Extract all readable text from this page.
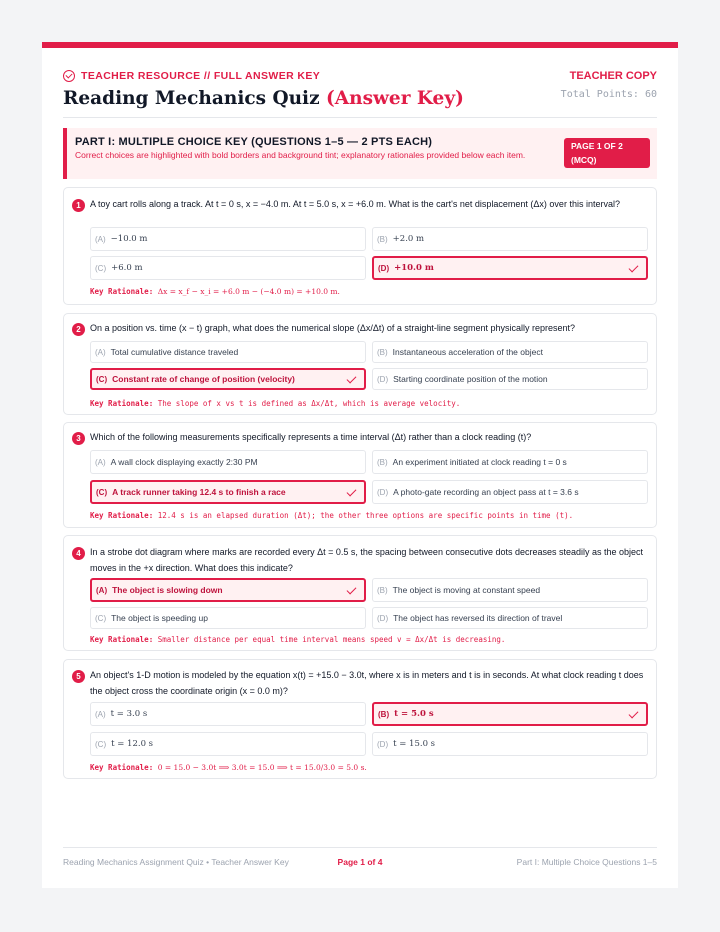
TEACHER RESOURCE // FULL ANSWER KEY
Reading Mechanics Quiz (Answer Key)
TEACHER COPY
Total Points: 60
PART I: MULTIPLE CHOICE KEY (QUESTIONS 1–5 — 2 PTS EACH)
Correct choices are highlighted with bold borders and background tint; explanatory rationales provided below each item.
PAGE 1 OF 2
(MCQ)
1	A toy cart rolls along a track. At t = 0 s, x = −4.0 m. At t = 5.0 s, x = +6.0 m. What is the cart's net displacement (Δx) over this interval?
(A) −10.0 m	(B) +2.0 m
(C) +6.0 m	(D) +10.0 m
Key Rationale: Δx = x_f − x_i = +6.0 m − (−4.0 m) = +10.0 m.
2	On a position vs. time (x − t) graph, what does the numerical slope (Δx/Δt) of a straight-line segment physically represent?
(A) Total cumulative distance traveled	(B) Instantaneous acceleration of the object
(C) Constant rate of change of position (velocity)	(D) Starting coordinate position of the motion
Key Rationale: The slope of x vs t is defined as Δx/Δt, which is average velocity.
3	Which of the following measurements specifically represents a time interval (Δt) rather than a clock reading (t)?
(A) A wall clock displaying exactly 2:30 PM	(B) An experiment initiated at clock reading t = 0 s
(C) A track runner taking 12.4 s to finish a race	(D) A photo-gate recording an object pass at t = 3.6 s
Key Rationale: 12.4 s is an elapsed duration (Δt); the other three options are specific points in time (t).
4	In a strobe dot diagram where marks are recorded every Δt = 0.5 s, the spacing between consecutive dots decreases steadily as the object moves in the +x direction. What does this indicate?
(A) The object is slowing down	(B) The object is moving at constant speed
(C) The object is speeding up	(D) The object has reversed its direction of travel
Key Rationale: Smaller distance per equal time interval means speed v = Δx/Δt is decreasing.
5	An object's 1-D motion is modeled by the equation x(t) = +15.0 − 3.0t, where x is in meters and t is in seconds. At what clock reading t does the object cross the coordinate origin (x = 0.0 m)?
(A) t = 3.0 s	(B) t = 5.0 s
(C) t = 12.0 s	(D) t = 15.0 s
Key Rationale: 0 = 15.0 − 3.0t ⟹ 3.0t = 15.0 ⟹ t = 15.0/3.0 = 5.0 s.
Reading Mechanics Assignment Quiz • Teacher Answer Key	Page 1 of 4	Part I: Multiple Choice Questions 1–5
